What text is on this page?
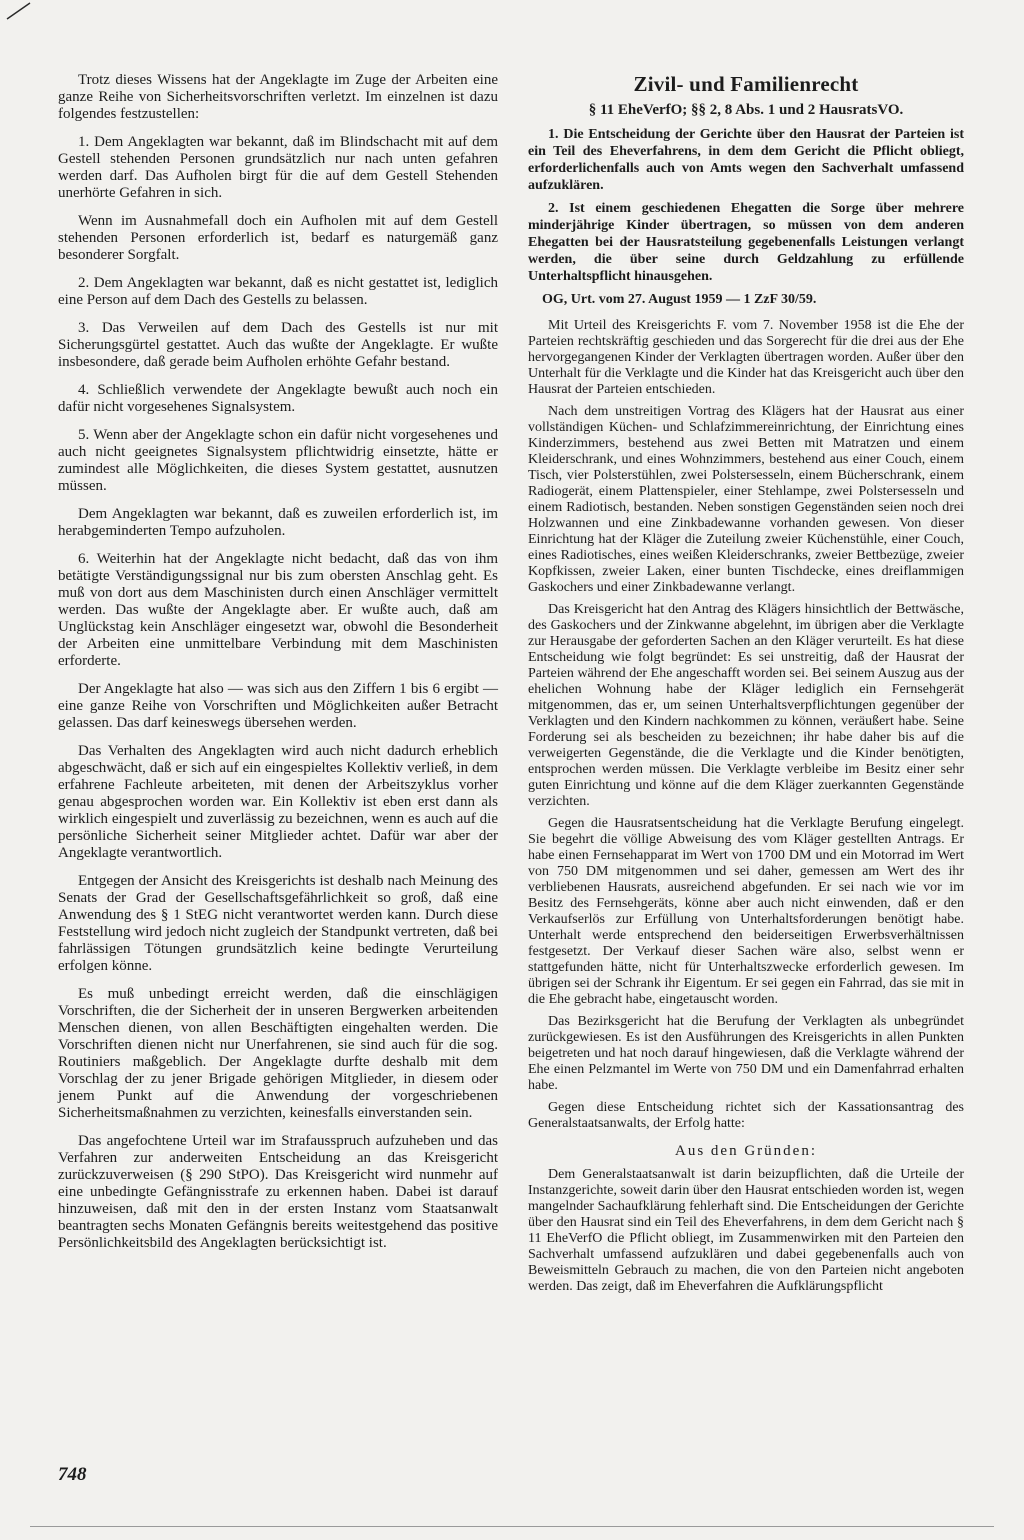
Trotz dieses Wissens hat der Angeklagte im Zuge der Arbeiten eine ganze Reihe von Sicherheitsvorschriften verletzt. Im einzelnen ist dazu folgendes festzustellen:

1. Dem Angeklagten war bekannt, daß im Blindschacht mit auf dem Gestell stehenden Personen grundsätzlich nur nach unten gefahren werden darf. Das Aufholen birgt für die auf dem Gestell Stehenden unerhörte Gefahren in sich.

Wenn im Ausnahmefall doch ein Aufholen mit auf dem Gestell stehenden Personen erforderlich ist, bedarf es naturgemäß ganz besonderer Sorgfalt.

2. Dem Angeklagten war bekannt, daß es nicht gestattet ist, lediglich eine Person auf dem Dach des Gestells zu belassen.

3. Das Verweilen auf dem Dach des Gestells ist nur mit Sicherungsgürtel gestattet. Auch das wußte der Angeklagte. Er wußte insbesondere, daß gerade beim Aufholen erhöhte Gefahr bestand.

4. Schließlich verwendete der Angeklagte bewußt auch noch ein dafür nicht vorgesehenes Signalsystem.

5. Wenn aber der Angeklagte schon ein dafür nicht vorgesehenes und auch nicht geeignetes Signalsystem pflichtwidrig einsetzte, hätte er zumindest alle Möglichkeiten, die dieses System gestattet, ausnutzen müssen.

Dem Angeklagten war bekannt, daß es zuweilen erforderlich ist, im herabgeminderten Tempo aufzuholen.

6. Weiterhin hat der Angeklagte nicht bedacht, daß das von ihm betätigte Verständigungssignal nur bis zum obersten Anschlag geht. Es muß von dort aus dem Maschinisten durch einen Anschläger vermittelt werden. Das wußte der Angeklagte aber. Er wußte auch, daß am Unglückstag kein Anschläger eingesetzt war, obwohl die Besonderheit der Arbeiten eine unmittelbare Verbindung mit dem Maschinisten erforderte.

Der Angeklagte hat also — was sich aus den Ziffern 1 bis 6 ergibt — eine ganze Reihe von Vorschriften und Möglichkeiten außer Betracht gelassen. Das darf keineswegs übersehen werden.

Das Verhalten des Angeklagten wird auch nicht dadurch erheblich abgeschwächt, daß er sich auf ein eingespieltes Kollektiv verließ, in dem erfahrene Fachleute arbeiteten, mit denen der Arbeitszyklus vorher genau abgesprochen worden war. Ein Kollektiv ist eben erst dann als wirklich eingespielt und zuverlässig zu bezeichnen, wenn es auch auf die persönliche Sicherheit seiner Mitglieder achtet. Dafür war aber der Angeklagte verantwortlich.

Entgegen der Ansicht des Kreisgerichts ist deshalb nach Meinung des Senats der Grad der Gesellschaftsgefährlichkeit so groß, daß eine Anwendung des § 1 StEG nicht verantwortet werden kann. Durch diese Feststellung wird jedoch nicht zugleich der Standpunkt vertreten, daß bei fahrlässigen Tötungen grundsätzlich keine bedingte Verurteilung erfolgen könne.

Es muß unbedingt erreicht werden, daß die einschlägigen Vorschriften, die der Sicherheit der in unseren Bergwerken arbeitenden Menschen dienen, von allen Beschäftigten eingehalten werden. Die Vorschriften dienen nicht nur Unerfahrenen, sie sind auch für die sog. Routiniers maßgeblich. Der Angeklagte durfte deshalb mit dem Vorschlag der zu jener Brigade gehörigen Mitglieder, in diesem oder jenem Punkt auf die Anwendung der vorgeschriebenen Sicherheitsmaßnahmen zu verzichten, keinesfalls einverstanden sein.

Das angefochtene Urteil war im Strafausspruch aufzuheben und das Verfahren zur anderweiten Entscheidung an das Kreisgericht zurückzuverweisen (§ 290 StPO). Das Kreisgericht wird nunmehr auf eine unbedingte Gefängnisstrafe zu erkennen haben. Dabei ist darauf hinzuweisen, daß mit den in der ersten Instanz vom Staatsanwalt beantragten sechs Monaten Gefängnis bereits weitestgehend das positive Persönlichkeitsbild des Angeklagten berücksichtigt ist.

Zivil- und Familienrecht
§ 11 EheVerfO; §§ 2, 8 Abs. 1 und 2 HausratsVO.

1. Die Entscheidung der Gerichte über den Hausrat der Parteien ist ein Teil des Eheverfahrens, in dem dem Gericht die Pflicht obliegt, erforderlichenfalls auch von Amts wegen den Sachverhalt umfassend aufzuklären.

2. Ist einem geschiedenen Ehegatten die Sorge über mehrere minderjährige Kinder übertragen, so müssen von dem anderen Ehegatten bei der Hausratsteilung gegebenenfalls Leistungen verlangt werden, die über seine durch Geldzahlung zu erfüllende Unterhaltspflicht hinausgehen.

OG, Urt. vom 27. August 1959 — 1 ZzF 30/59.

Mit Urteil des Kreisgerichts F. vom 7. November 1958 ist die Ehe der Parteien rechtskräftig geschieden und das Sorgerecht für die drei aus der Ehe hervorgegangenen Kinder der Verklagten übertragen worden. Außer über den Unterhalt für die Verklagte und die Kinder hat das Kreisgericht auch über den Hausrat der Parteien entschieden.

Nach dem unstreitigen Vortrag des Klägers hat der Hausrat aus einer vollständigen Küchen- und Schlafzimmereinrichtung, der Einrichtung eines Kinderzimmers, bestehend aus zwei Betten mit Matratzen und einem Kleiderschrank, und eines Wohnzimmers, bestehend aus einer Couch, einem Tisch, vier Polsterstühlen, zwei Polstersesseln, einem Bücherschrank, einem Radiogerät, einem Plattenspieler, einer Stehlampe, zwei Polstersesseln und einem Radiotisch, bestanden. Neben sonstigen Gegenständen seien noch drei Holzwannen und eine Zinkbadewanne vorhanden gewesen. Von dieser Einrichtung hat der Kläger die Zuteilung zweier Küchenstühle, einer Couch, eines Radiotisches, eines weißen Kleiderschranks, zweier Bettbezüge, zweier Kopfkissen, zweier Laken, einer bunten Tischdecke, eines dreiflammigen Gaskochers und einer Zinkbadewanne verlangt.

Das Kreisgericht hat den Antrag des Klägers hinsichtlich der Bettwäsche, des Gaskochers und der Zinkwanne abgelehnt, im übrigen aber die Verklagte zur Herausgabe der geforderten Sachen an den Kläger verurteilt. Es hat diese Entscheidung wie folgt begründet: Es sei unstreitig, daß der Hausrat der Parteien während der Ehe angeschafft worden sei. Bei seinem Auszug aus der ehelichen Wohnung habe der Kläger lediglich ein Fernsehgerät mitgenommen, das er, um seinen Unterhaltsverpflichtungen gegenüber der Verklagten und den Kindern nachkommen zu können, veräußert habe. Seine Forderung sei als bescheiden zu bezeichnen; ihr habe daher bis auf die verweigerten Gegenstände, die die Verklagte und die Kinder benötigten, entsprochen werden müssen. Die Verklagte verbleibe im Besitz einer sehr guten Einrichtung und könne auf die dem Kläger zuerkannten Gegenstände verzichten.

Gegen die Hausratsentscheidung hat die Verklagte Berufung eingelegt. Sie begehrt die völlige Abweisung des vom Kläger gestellten Antrags. Er habe einen Fernsehapparat im Wert von 1700 DM und ein Motorrad im Wert von 750 DM mitgenommen und sei daher, gemessen am Wert des ihr verbliebenen Hausrats, ausreichend abgefunden. Er sei nach wie vor im Besitz des Fernsehgeräts, könne aber auch nicht einwenden, daß er den Verkaufserlös zur Erfüllung von Unterhaltsforderungen benötigt habe. Unterhalt werde entsprechend den beiderseitigen Erwerbsverhältnissen festgesetzt. Der Verkauf dieser Sachen wäre also, selbst wenn er stattgefunden hätte, nicht für Unterhaltszwecke erforderlich gewesen. Im übrigen sei der Schrank ihr Eigentum. Er sei gegen ein Fahrrad, das sie mit in die Ehe gebracht habe, eingetauscht worden.

Das Bezirksgericht hat die Berufung der Verklagten als unbegründet zurückgewiesen. Es ist den Ausführungen des Kreisgerichts in allen Punkten beigetreten und hat noch darauf hingewiesen, daß die Verklagte während der Ehe einen Pelzmantel im Werte von 750 DM und ein Damenfahrrad erhalten habe.

Gegen diese Entscheidung richtet sich der Kassationsantrag des Generalstaatsanwalts, der Erfolg hatte:

Aus den Gründen:

Dem Generalstaatsanwalt ist darin beizupflichten, daß die Urteile der Instanzgerichte, soweit darin über den Hausrat entschieden worden ist, wegen mangelnder Sachaufklärung fehlerhaft sind. Die Entscheidungen der Gerichte über den Hausrat sind ein Teil des Eheverfahrens, in dem dem Gericht nach § 11 EheVerfO die Pflicht obliegt, im Zusammenwirken mit den Parteien den Sachverhalt umfassend aufzuklären und dabei gegebenenfalls auch von Beweismitteln Gebrauch zu machen, die von den Parteien nicht angeboten werden. Das zeigt, daß im Eheverfahren die Aufklärungspflicht

748
